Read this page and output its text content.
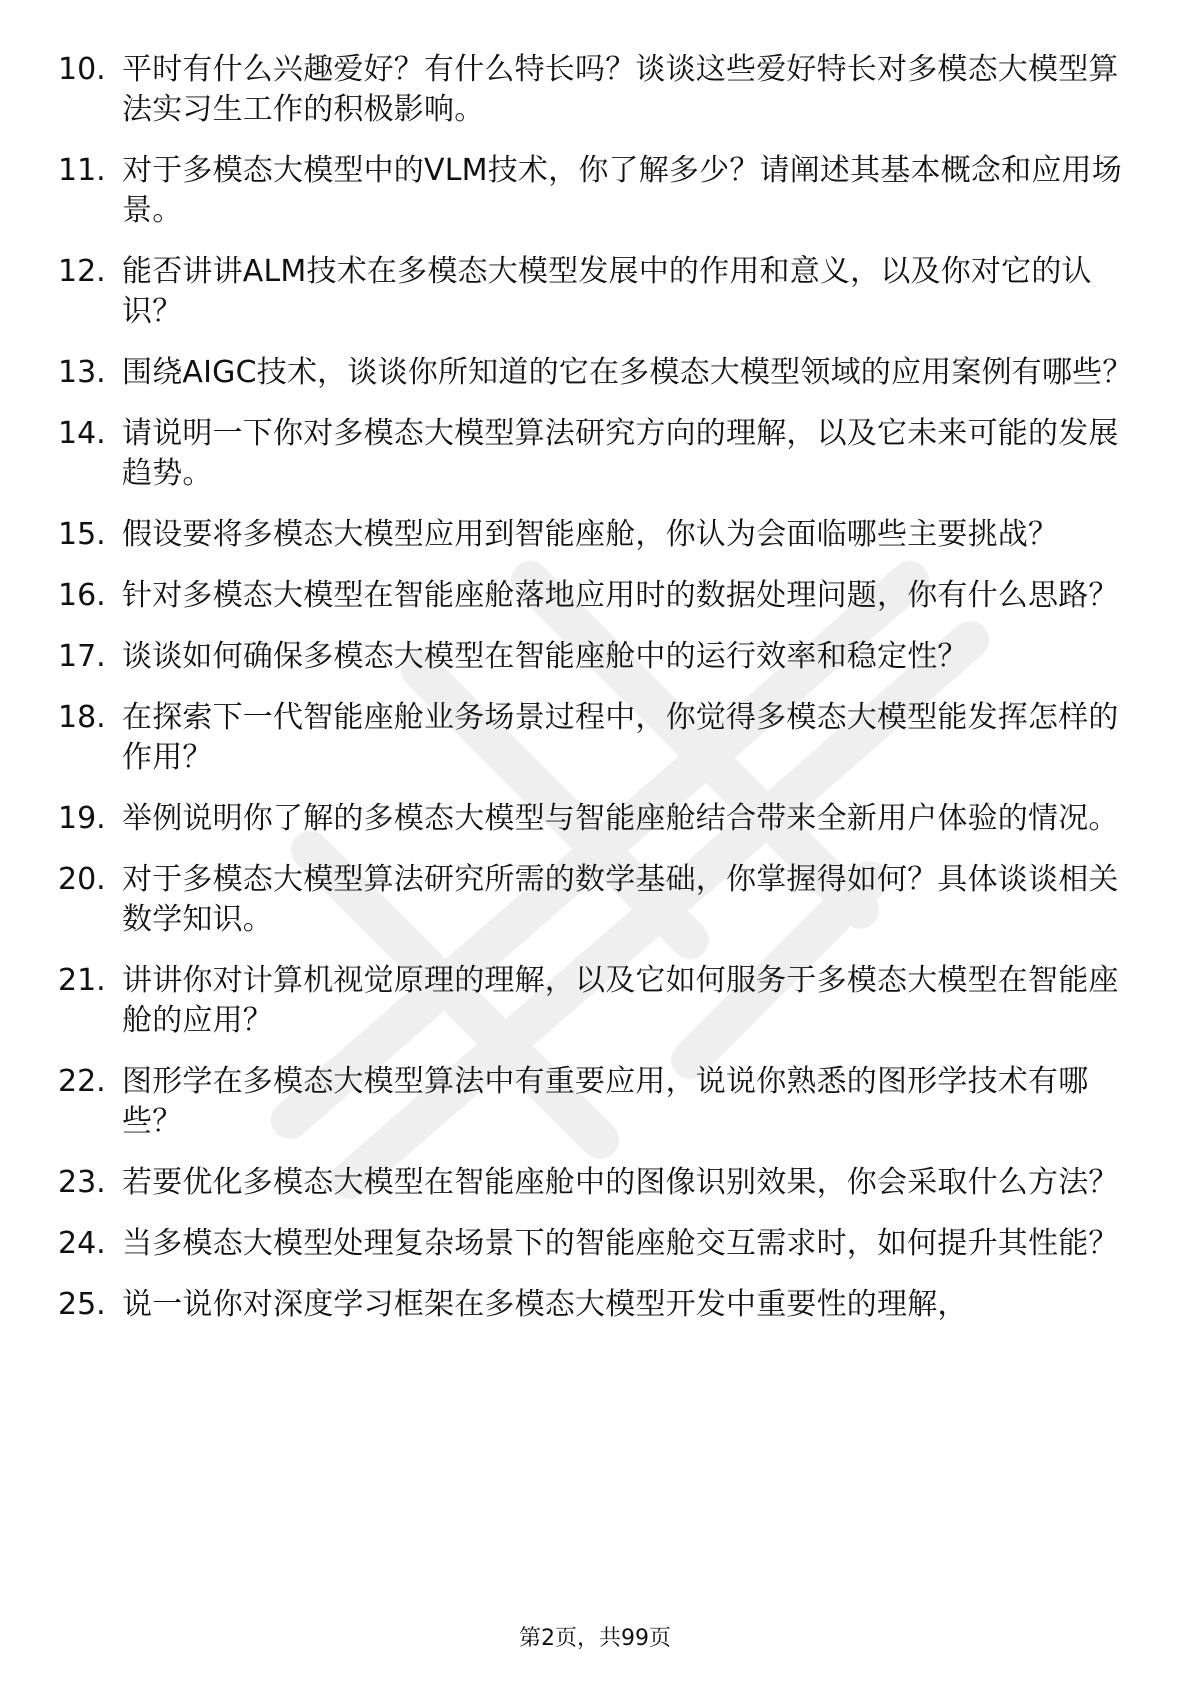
10. 平时有什么兴趣爱好？有什么特长吗？谈谈这些爱好特长对多模态大模型算法实习生工作的积极影响。
11. 对于多模态大模型中的VLM技术，你了解多少？请阐述其基本概念和应用场景。
12. 能否讲讲ALM技术在多模态大模型发展中的作用和意义，以及你对它的认识？
13. 围绕AIGC技术，谈谈你所知道的它在多模态大模型领域的应用案例有哪些？
14. 请说明一下你对多模态大模型算法研究方向的理解，以及它未来可能的发展趋势。
15. 假设要将多模态大模型应用到智能座舱，你认为会面临哪些主要挑战？
16. 针对多模态大模型在智能座舱落地应用时的数据处理问题，你有什么思路？
17. 谈谈如何确保多模态大模型在智能座舱中的运行效率和稳定性？
18. 在探索下一代智能座舱业务场景过程中，你觉得多模态大模型能发挥怎样的作用？
19. 举例说明你了解的多模态大模型与智能座舱结合带来全新用户体验的情况。
20. 对于多模态大模型算法研究所需的数学基础，你掌握得如何？具体谈谈相关数学知识。
21. 讲讲你对计算机视觉原理的理解，以及它如何服务于多模态大模型在智能座舱的应用？
22. 图形学在多模态大模型算法中有重要应用，说说你熟悉的图形学技术有哪些？
23. 若要优化多模态大模型在智能座舱中的图像识别效果，你会采取什么方法？
24. 当多模态大模型处理复杂场景下的智能座舱交互需求时，如何提升其性能？
25. 说一说你对深度学习框架在多模态大模型开发中重要性的理解，
第2页，共99页
